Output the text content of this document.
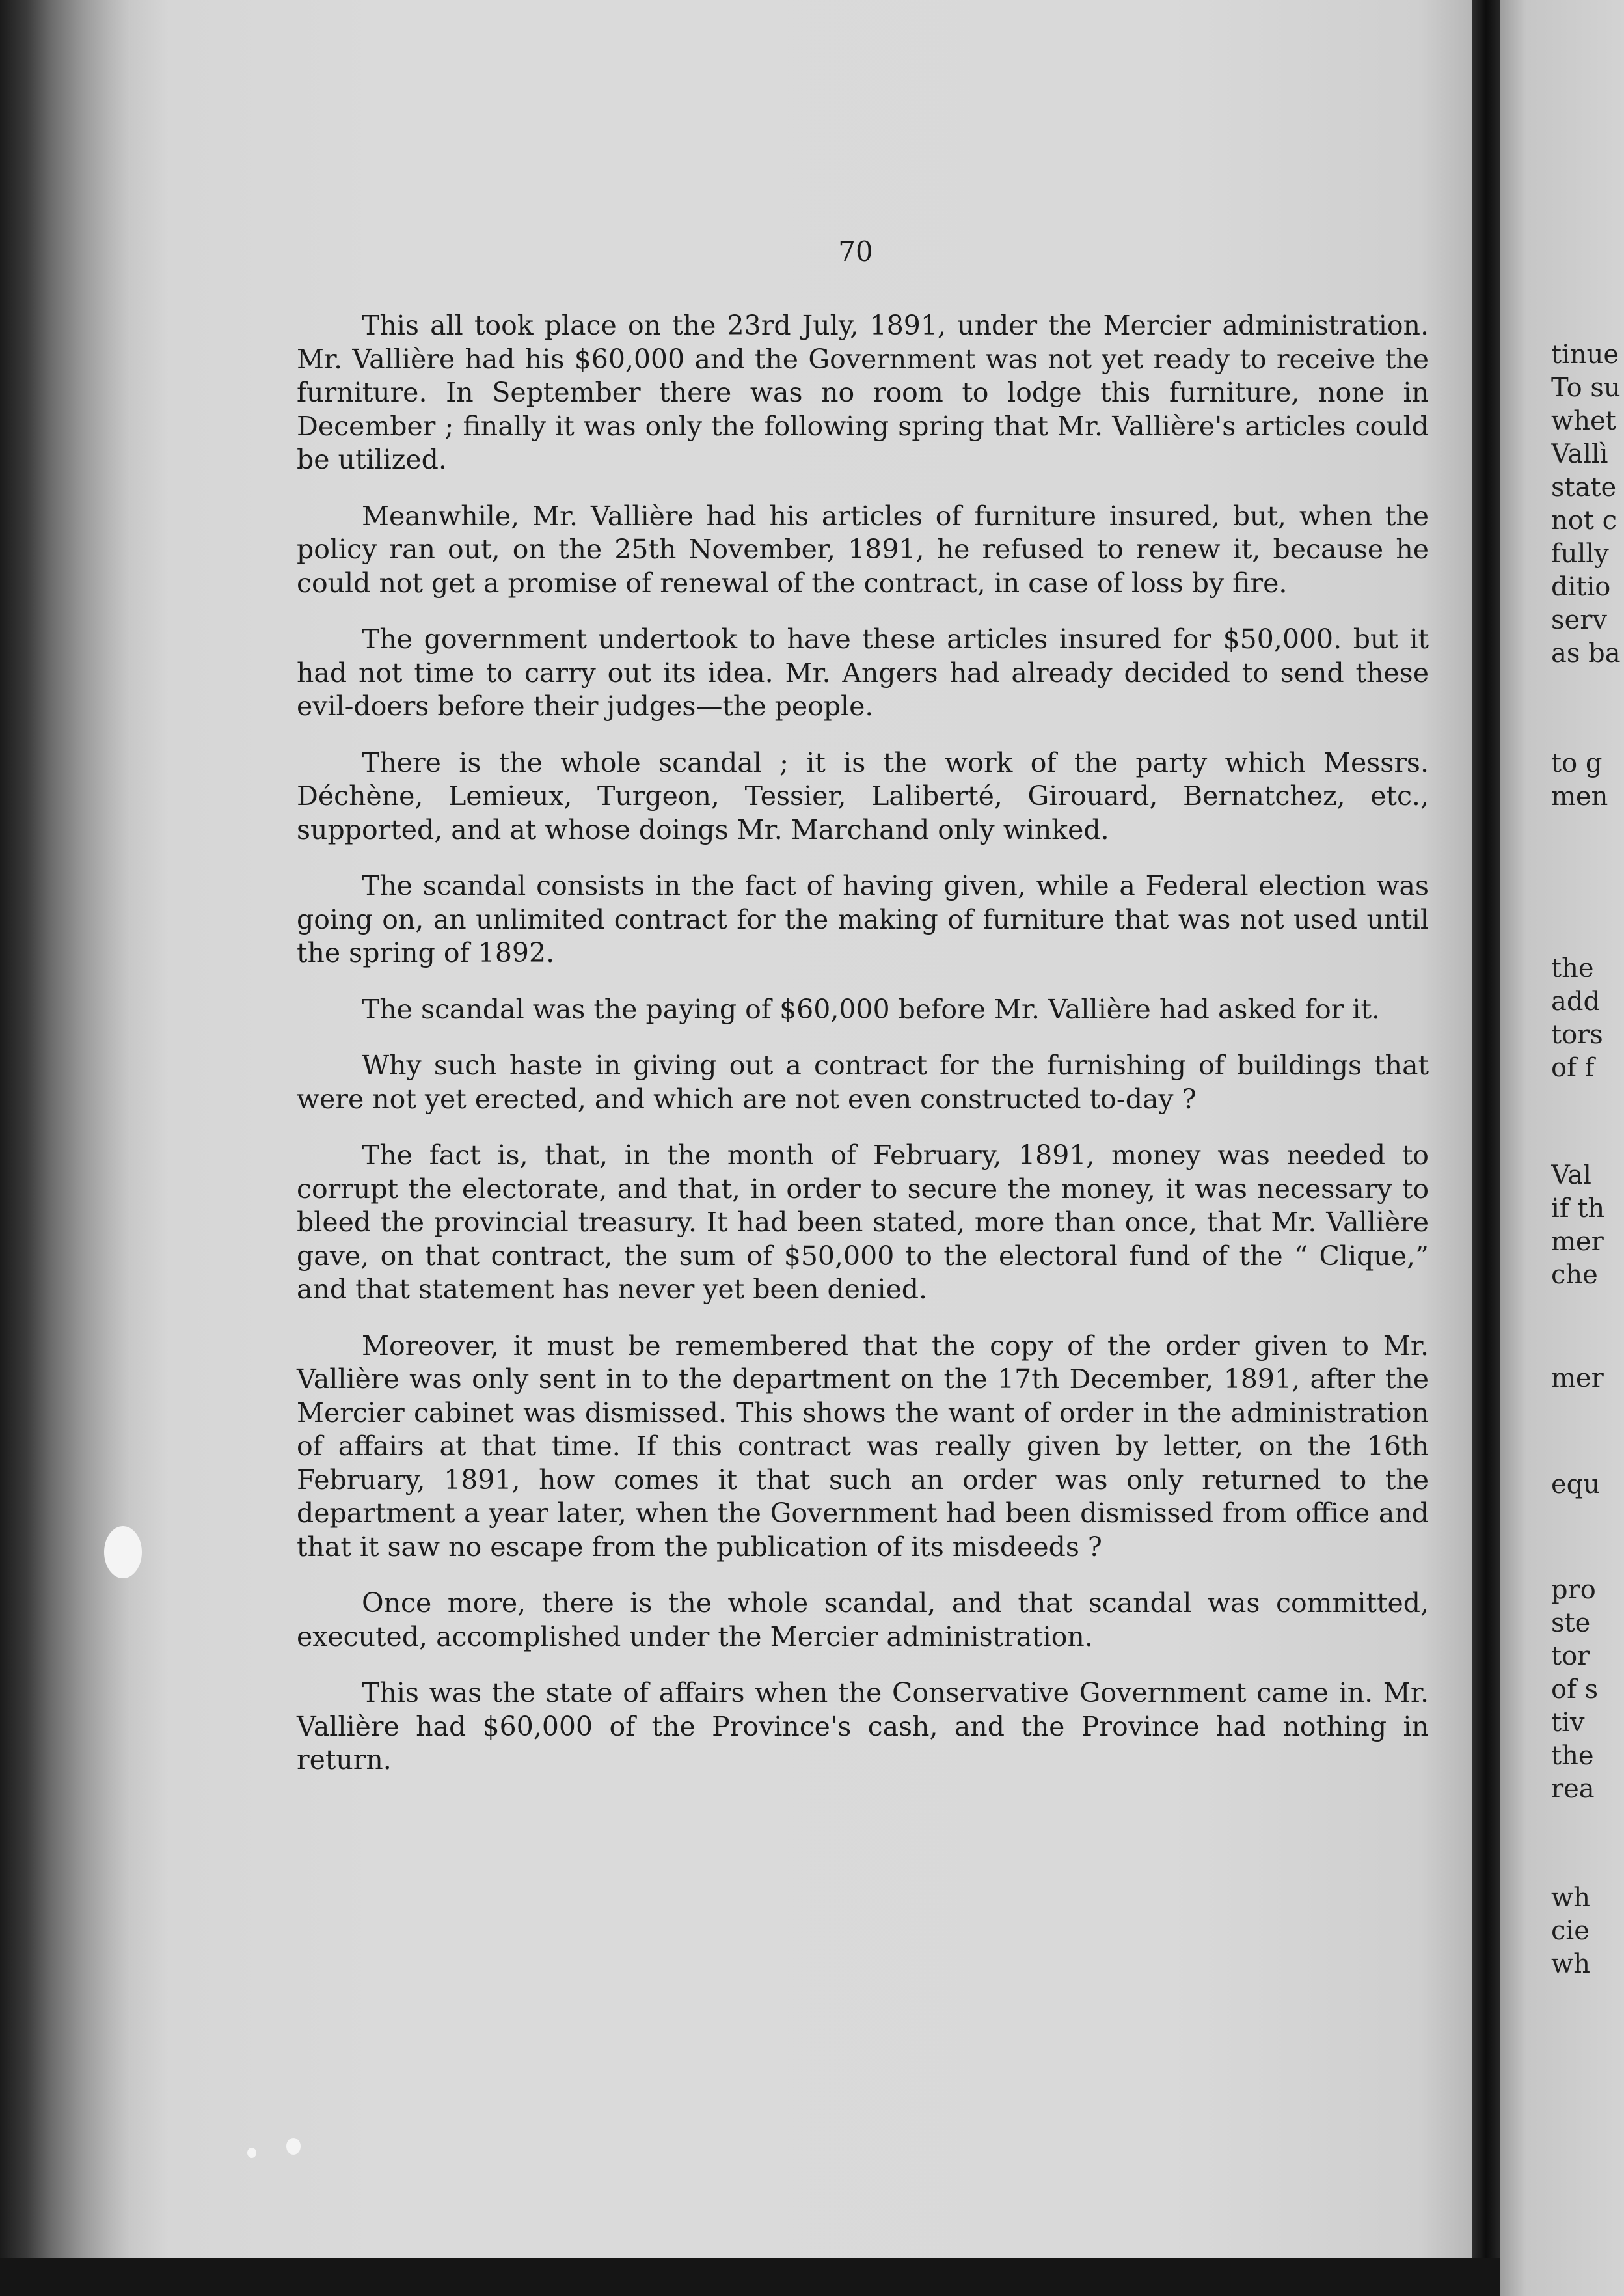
70

This all took place on the 23rd July, 1891, under the Mercier administration. Mr. Vallière had his $60,000 and the Government was not yet ready to receive the furniture. In September there was no room to lodge this furniture, none in December ; finally it was only the following spring that Mr. Vallière's articles could be utilized.

Meanwhile, Mr. Vallière had his articles of furniture insured, but, when the policy ran out, on the 25th November, 1891, he refused to renew it, because he could not get a promise of renewal of the contract, in case of loss by fire.

The government undertook to have these articles insured for $50,000. but it had not time to carry out its idea. Mr. Angers had already decided to send these evil-doers before their judges—the people.

There is the whole scandal ; it is the work of the party which Messrs. Déchène, Lemieux, Turgeon, Tessier, Laliberté, Girouard, Bernatchez, etc., supported, and at whose doings Mr. Marchand only winked.

The scandal consists in the fact of having given, while a Federal election was going on, an unlimited contract for the making of furniture that was not used until the spring of 1892.

The scandal was the paying of $60,000 before Mr. Vallière had asked for it.

Why such haste in giving out a contract for the furnishing of buildings that were not yet erected, and which are not even constructed to-day ?

The fact is, that, in the month of February, 1891, money was needed to corrupt the electorate, and that, in order to secure the money, it was necessary to bleed the provincial treasury. It had been stated, more than once, that Mr. Vallière gave, on that contract, the sum of $50,000 to the electoral fund of the “ Clique,” and that statement has never yet been denied.

Moreover, it must be remembered that the copy of the order given to Mr. Vallière was only sent in to the department on the 17th December, 1891, after the Mercier cabinet was dismissed. This shows the want of order in the administration of affairs at that time. If this contract was really given by letter, on the 16th February, 1891, how comes it that such an order was only returned to the department a year later, when the Government had been dismissed from office and that it saw no escape from the publication of its misdeeds ?

Once more, there is the whole scandal, and that scandal was committed, executed, accomplished under the Mercier administration.

This was the state of affairs when the Conservative Government came in. Mr. Vallière had $60,000 of the Province's cash, and the Province had nothing in return.

tinue
To su
whet
Vallì
state
not c
fully
ditio
serv
as ba
to g
men
the
add
tors
of f
Val
if th
mer
che
mer
equ
pro
ste
tor
of s
tiv
the
rea
wh
cie
wh
